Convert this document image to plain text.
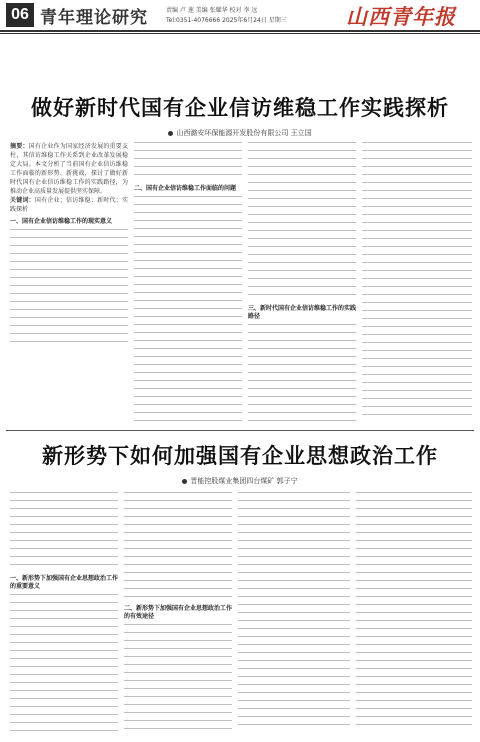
06 青年理论研究	责编 卢 莲 美编 张耀华 校对 李 远
Tel:0351-4076666 2025年6月24日 星期三	山西青年报
做好新时代国有企业信访维稳工作实践探析
山西潞安环保能源开发股份有限公司 王立国
摘要：国有企业作为国家经济发展的重要支柱，其信访维稳工作关系到企业改革发展稳定大局。本文分析了当前国有企业信访维稳工作面临的新形势、新挑战，探讨了做好新时代国有企业信访维稳工作的实践路径，为推动企业高质量发展提供坚实保障。
关键词：国有企业；信访维稳；新时代；实践探析
一、国有企业信访维稳工作的现实意义
二、国有企业信访维稳工作面临的问题
三、新时代国有企业信访维稳工作的实践路径
新形势下如何加强国有企业思想政治工作
晋能控股煤业集团四台煤矿 郭子宁
一、新形势下加强国有企业思想政治工作的重要意义
二、新形势下加强国有企业思想政治工作的有效途径
